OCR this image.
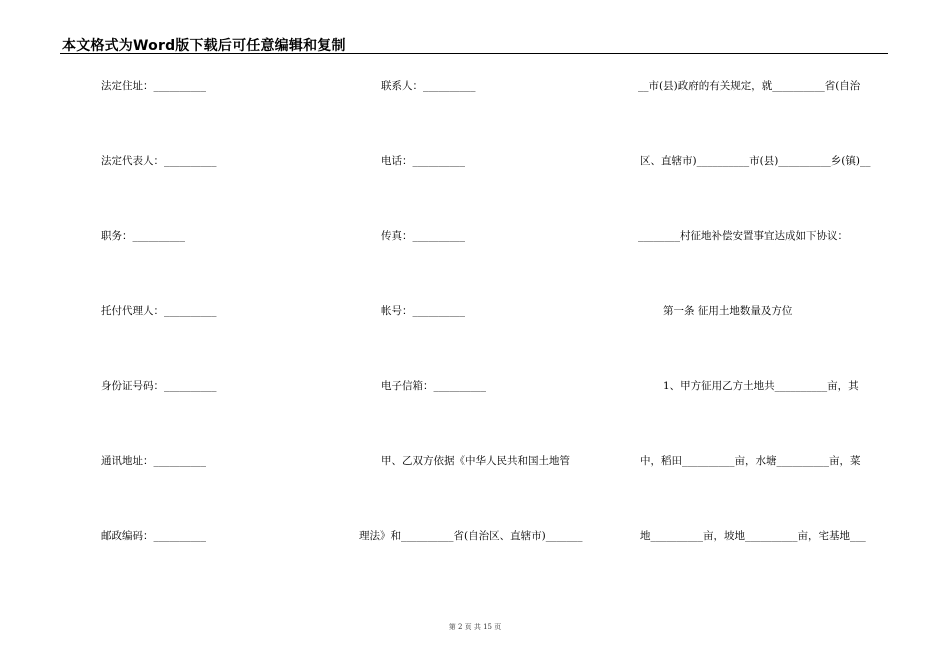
本文格式为Word版下载后可任意编辑和复制
法定住址：__________
法定代表人：__________
职务：__________
托付代理人：__________
身份证号码：__________
通讯地址：__________
邮政编码：__________
联系人：__________
电话：__________
传真：__________
帐号：__________
电子信箱：__________
甲、乙双方依据《中华人民共和国土地管
理法》和__________省(自治区、直辖市)_______
__市(县)政府的有关规定，就__________省(自治
区、直辖市)__________市(县)__________乡(镇)__
________村征地补偿安置事宜达成如下协议：
第一条 征用土地数量及方位
1、甲方征用乙方土地共__________亩，其
中，稻田__________亩，水塘__________亩，菜
地__________亩，坡地__________亩，宅基地___
第 2 页 共 15 页
